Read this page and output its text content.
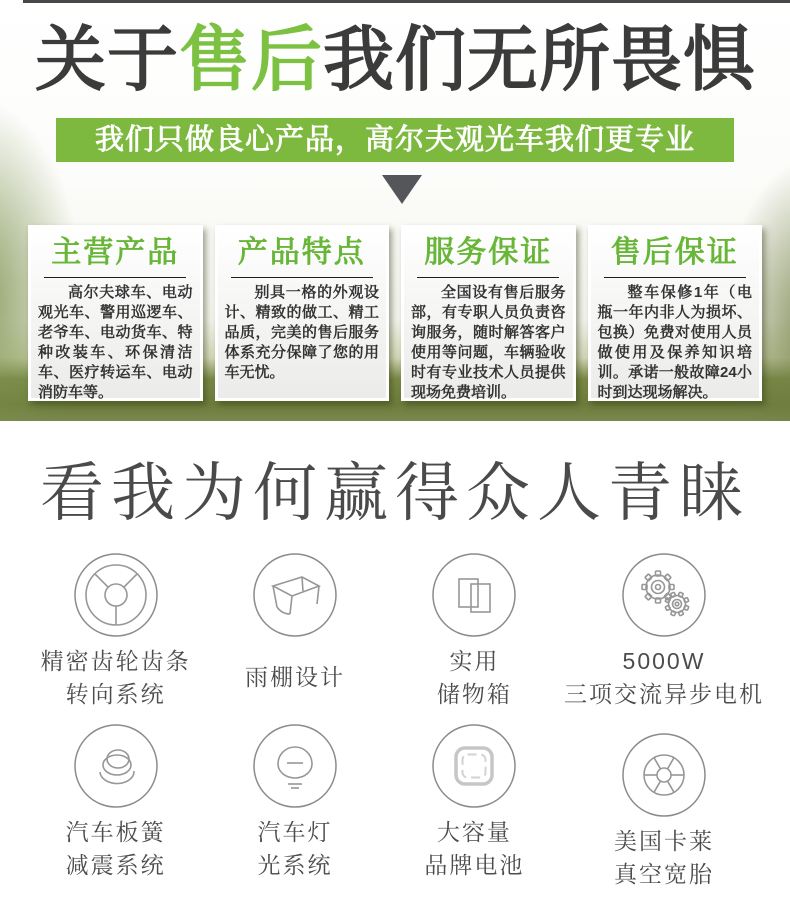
关于售后我们无所畏惧
我们只做良心产品，高尔夫观光车我们更专业
主营产品
高尔夫球车、电动观光车、警用巡逻车、老爷车、电动货车、特种改装车、环保清洁车、医疗转运车、电动消防车等。
产品特点
别具一格的外观设计、精致的做工、精工品质，完美的售后服务体系充分保障了您的用车无忧。
服务保证
全国设有售后服务部，有专职人员负责咨询服务，随时解答客户使用等问题，车辆验收时有专业技术人员提供现场免费培训。
售后保证
整车保修1年（电瓶一年内非人为损坏、包换）免费对使用人员做使用及保养知识培训。承诺一般故障24小时到达现场解决。
看我为何赢得众人青睐
精密齿轮齿条
转向系统
雨棚设计
实用
储物箱
5000W
三项交流异步电机
汽车板簧
减震系统
汽车灯
光系统
大容量
品牌电池
美国卡莱
真空宽胎
